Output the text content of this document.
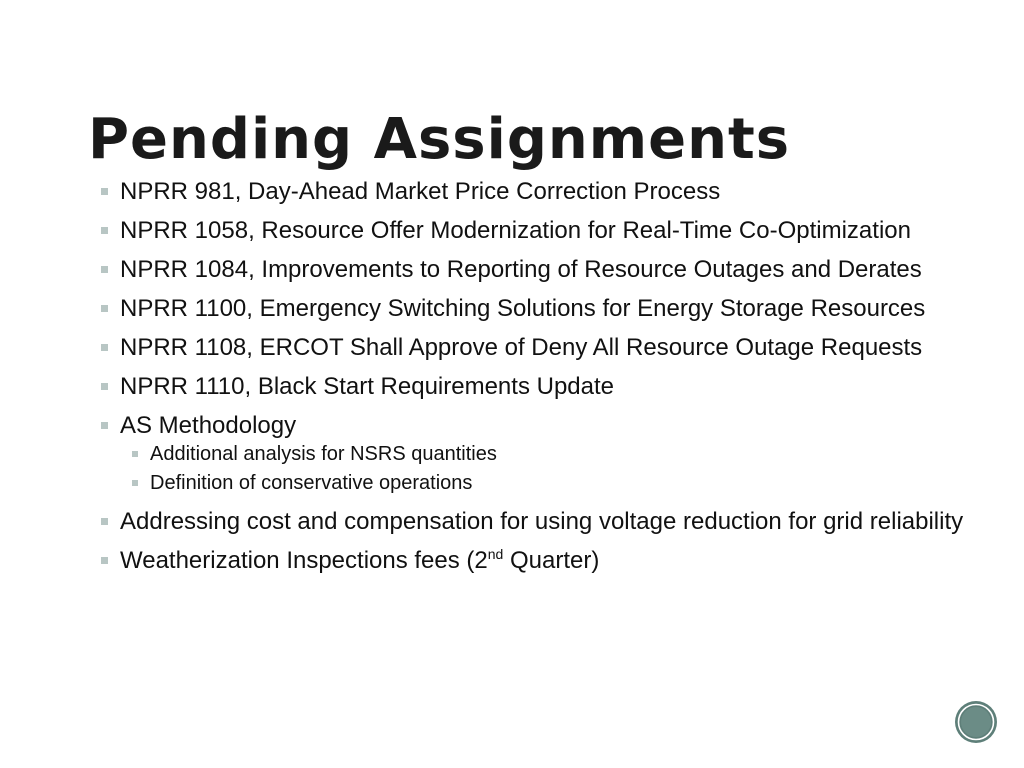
Pending Assignments
NPRR 981, Day-Ahead Market Price Correction Process
NPRR 1058, Resource Offer Modernization for Real-Time Co-Optimization
NPRR 1084, Improvements to Reporting of Resource Outages and Derates
NPRR 1100, Emergency Switching Solutions for Energy Storage Resources
NPRR 1108, ERCOT Shall Approve of Deny All Resource Outage Requests
NPRR 1110, Black Start Requirements Update
AS Methodology
Additional analysis for NSRS quantities
Definition of conservative operations
Addressing cost and compensation for using voltage reduction for grid reliability
Weatherization Inspections fees (2nd Quarter)
